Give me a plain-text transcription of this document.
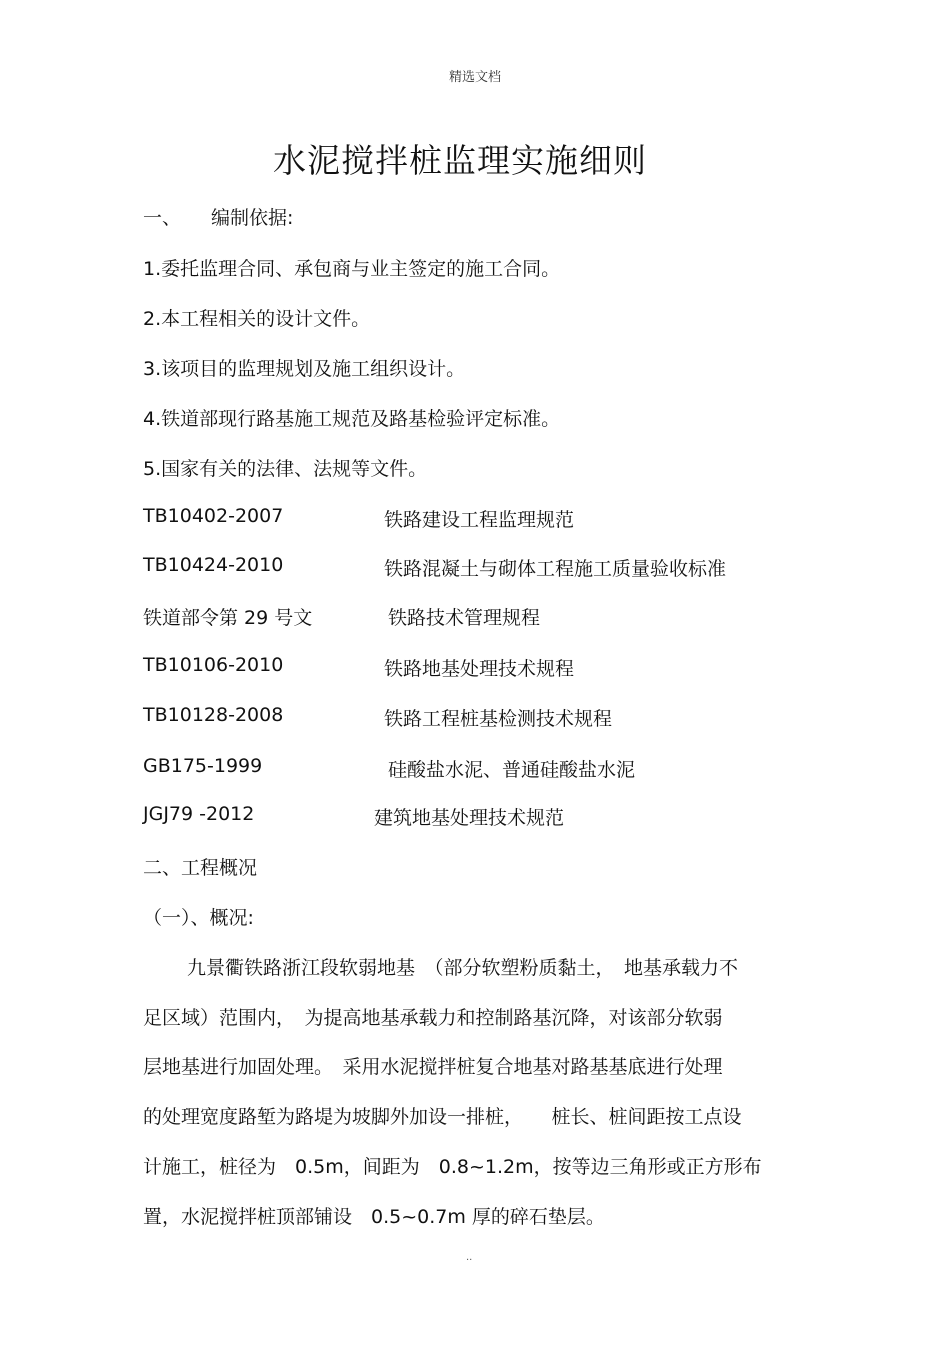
精选文档
水泥搅拌桩监理实施细则
一、 编制依据:
1.委托监理合同、承包商与业主签定的施工合同。
2.本工程相关的设计文件。
3.该项目的监理规划及施工组织设计。
4.铁道部现行路基施工规范及路基检验评定标准。
5.国家有关的法律、法规等文件。
TB10402-2007	铁路建设工程监理规范
TB10424-2010	铁路混凝土与砌体工程施工质量验收标准
铁道部令第 29 号文	铁路技术管理规程
TB10106-2010	铁路地基处理技术规程
TB10128-2008	铁路工程桩基检测技术规程
GB175-1999	硅酸盐水泥、普通硅酸盐水泥
JGJ79 -2012	建筑地基处理技术规范
二、工程概况
（一）、概况:
九景衢铁路浙江段软弱地基　（部分软塑粉质黏土，　地基承载力不
足区域）范围内，　为提高地基承载力和控制路基沉降，对该部分软弱
层地基进行加固处理。　采用水泥搅拌桩复合地基对路基基底进行处理
的处理宽度路堑为路堤为坡脚外加设一排桩，　　桩长、桩间距按工点设
计施工，桩径为　0.5m，间距为　0.8~1.2m，按等边三角形或正方形布
置，水泥搅拌桩顶部铺设　0.5~0.7m 厚的碎石垫层。
..
